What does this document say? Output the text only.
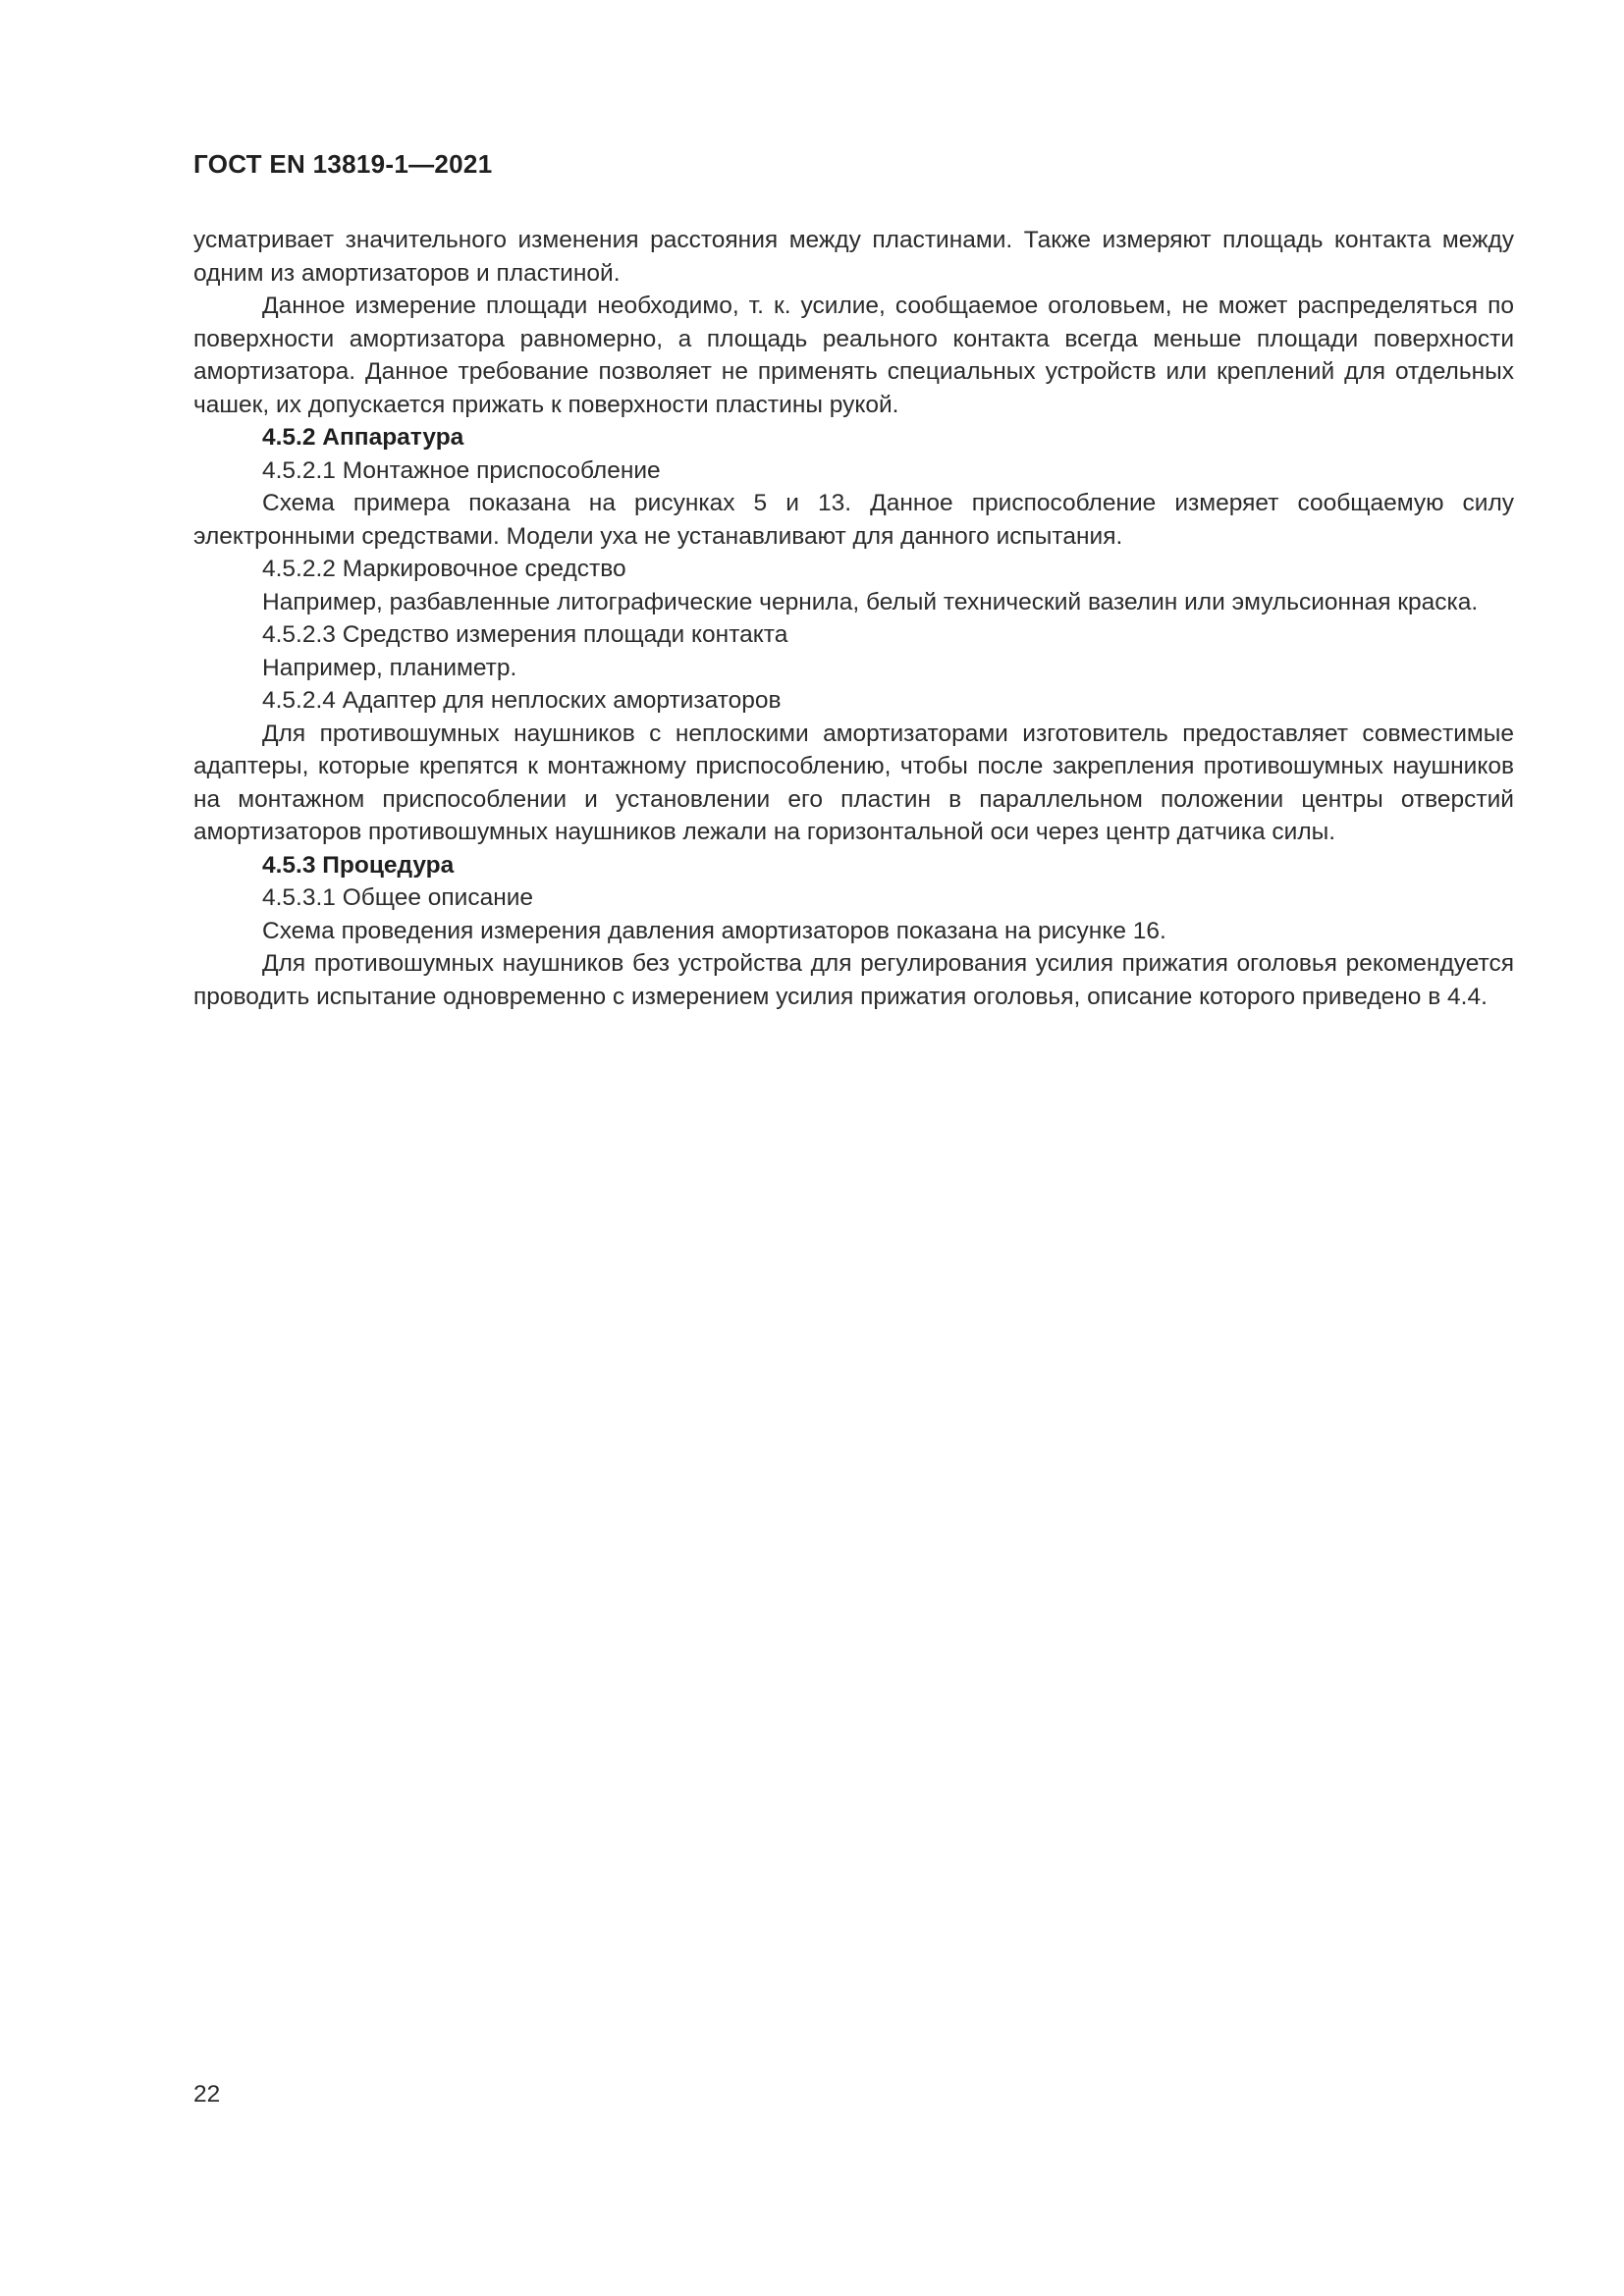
ГОСТ EN 13819-1—2021

усматривает значительного изменения расстояния между пластинами. Также измеряют площадь контакта между одним из амортизаторов и пластиной.

Данное измерение площади необходимо, т. к. усилие, сообщаемое оголовьем, не может распределяться по поверхности амортизатора равномерно, а площадь реального контакта всегда меньше площади поверхности амортизатора. Данное требование позволяет не применять специальных устройств или креплений для отдельных чашек, их допускается прижать к поверхности пластины рукой.

4.5.2 Аппаратура

4.5.2.1 Монтажное приспособление

Схема примера показана на рисунках 5 и 13. Данное приспособление измеряет сообщаемую силу электронными средствами. Модели уха не устанавливают для данного испытания.

4.5.2.2 Маркировочное средство

Например, разбавленные литографические чернила, белый технический вазелин или эмульсионная краска.

4.5.2.3 Средство измерения площади контакта

Например, планиметр.

4.5.2.4 Адаптер для неплоских амортизаторов

Для противошумных наушников с неплоскими амортизаторами изготовитель предоставляет совместимые адаптеры, которые крепятся к монтажному приспособлению, чтобы после закрепления противошумных наушников на монтажном приспособлении и установлении его пластин в параллельном положении центры отверстий амортизаторов противошумных наушников лежали на горизонтальной оси через центр датчика силы.

4.5.3 Процедура

4.5.3.1 Общее описание

Схема проведения измерения давления амортизаторов показана на рисунке 16.

Для противошумных наушников без устройства для регулирования усилия прижатия оголовья рекомендуется проводить испытание одновременно с измерением усилия прижатия оголовья, описание которого приведено в 4.4.

22
